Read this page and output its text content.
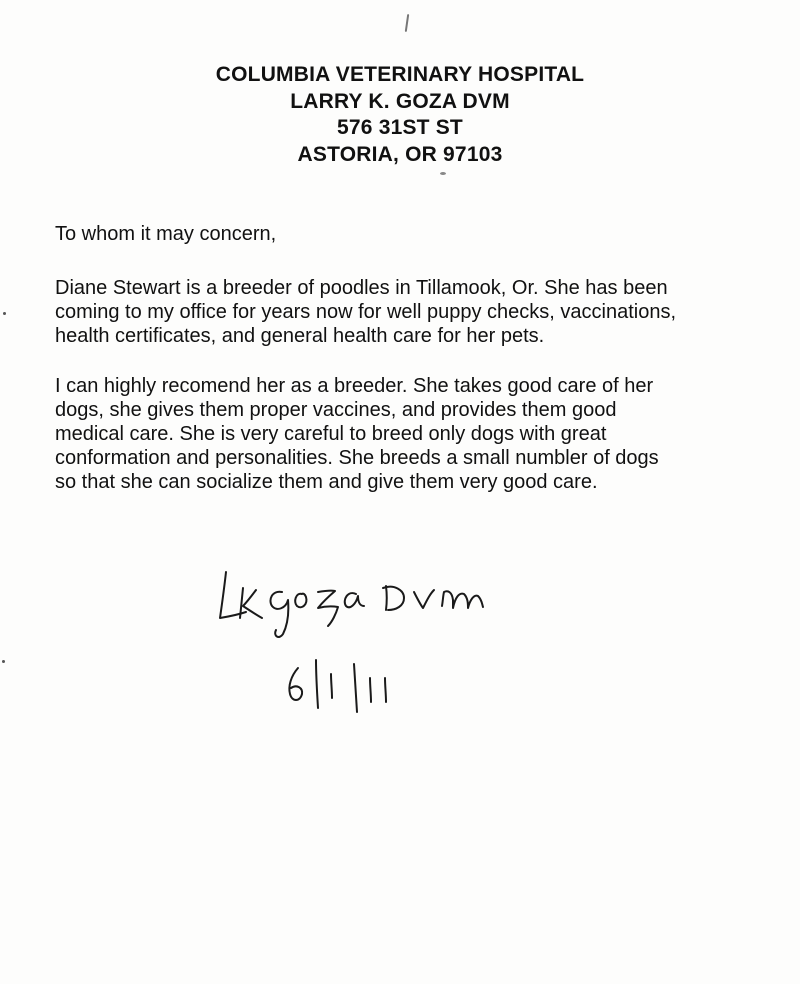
COLUMBIA VETERINARY HOSPITAL
LARRY K. GOZA DVM
576 31ST ST
ASTORIA, OR 97103
To whom it may concern,
Diane Stewart is a breeder of poodles in Tillamook, Or. She has been
coming to my office for years now for well puppy checks, vaccinations,
health certificates, and general health care for her pets.
I can highly recomend her as a breeder. She takes good care of her
dogs, she gives them proper vaccines, and provides them good
medical care. She is very careful to breed only dogs with great
conformation and personalities. She breeds a small numbler of dogs
so that she can socialize them and give them very good care.
